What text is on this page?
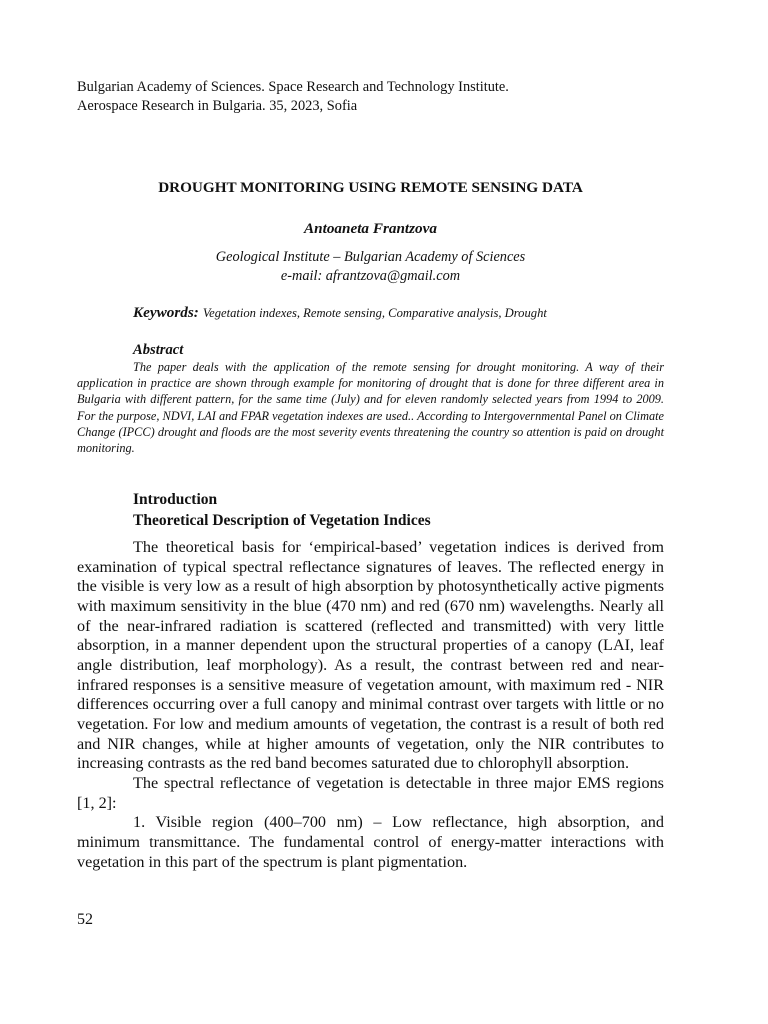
Bulgarian Academy of Sciences. Space Research and Technology Institute.
Aerospace Research in Bulgaria. 35, 2023, Sofia
DROUGHT MONITORING USING REMOTE SENSING DATA
Antoaneta Frantzova
Geological Institute – Bulgarian Academy of Sciences
e-mail: afrantzova@gmail.com
Keywords: Vegetation indexes, Remote sensing, Comparative analysis, Drought
Abstract

The paper deals with the application of the remote sensing for drought monitoring. A way of their application in practice are shown through example for monitoring of drought that is done for three different area in Bulgaria with different pattern, for the same time (July) and for eleven randomly selected years from 1994 to 2009. For the purpose, NDVI, LAI and FPAR vegetation indexes are used.. According to Intergovernmental Panel on Climate Change (IPCC) drought and floods are the most severity events threatening the country so attention is paid on drought monitoring.

Introduction
Theoretical Description of Vegetation Indices

The theoretical basis for ‘empirical-based’ vegetation indices is derived from examination of typical spectral reflectance signatures of leaves. The reflected energy in the visible is very low as a result of high absorption by photosynthetically active pigments with maximum sensitivity in the blue (470 nm) and red (670 nm) wavelengths. Nearly all of the near-infrared radiation is scattered (reflected and transmitted) with very little absorption, in a manner dependent upon the structural properties of a canopy (LAI, leaf angle distribution, leaf morphology). As a result, the contrast between red and near-infrared responses is a sensitive measure of vegetation amount, with maximum red - NIR differences occurring over a full canopy and minimal contrast over targets with little or no vegetation. For low and medium amounts of vegetation, the contrast is a result of both red and NIR changes, while at higher amounts of vegetation, only the NIR contributes to increasing contrasts as the red band becomes saturated due to chlorophyll absorption.

The spectral reflectance of vegetation is detectable in three major EMS regions [1, 2]:

1. Visible region (400–700 nm) – Low reflectance, high absorption, and minimum transmittance. The fundamental control of energy-matter interactions with vegetation in this part of the spectrum is plant pigmentation.

52
